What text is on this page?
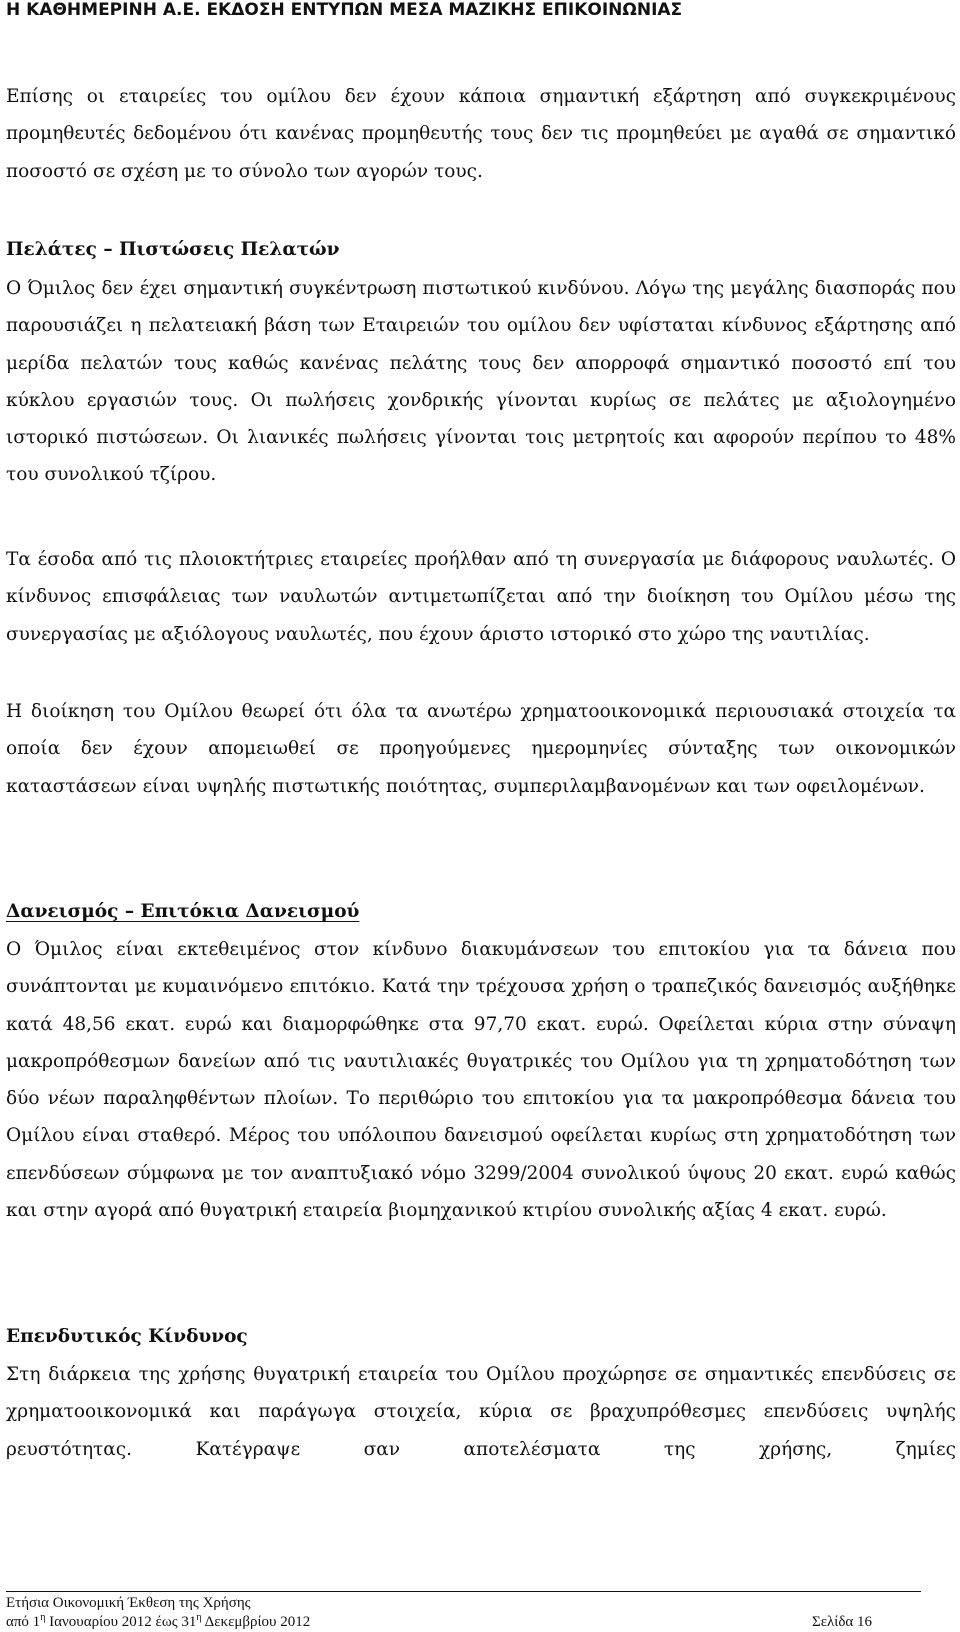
Η ΚΑΘΗΜΕΡΙΝΗ Α.Ε. ΕΚΔΟΣΗ ΕΝΤΥΠΩΝ ΜΕΣΑ ΜΑΖΙΚΗΣ ΕΠΙΚΟΙΝΩΝΙΑΣ

Επίσης οι εταιρείες του ομίλου δεν έχουν κάποια σημαντική εξάρτηση από συγκεκριμένους προμηθευτές δεδομένου ότι κανένας προμηθευτής τους δεν τις προμηθεύει με αγαθά σε σημαντικό ποσοστό σε σχέση με το σύνολο των αγορών τους.

Πελάτες – Πιστώσεις Πελατών

Ο Όμιλος δεν έχει σημαντική συγκέντρωση πιστωτικού κινδύνου. Λόγω της μεγάλης διασποράς που παρουσιάζει η πελατειακή βάση των Εταιρειών του ομίλου δεν υφίσταται κίνδυνος εξάρτησης από μερίδα πελατών τους καθώς κανένας πελάτης τους δεν απορροφά σημαντικό ποσοστό επί του κύκλου εργασιών τους. Οι πωλήσεις χονδρικής γίνονται κυρίως σε πελάτες με αξιολογημένο ιστορικό πιστώσεων. Οι λιανικές πωλήσεις γίνονται τοις μετρητοίς και αφορούν περίπου το 48% του συνολικού τζίρου.

Τα έσοδα από τις πλοιοκτήτριες εταιρείες προήλθαν από τη συνεργασία με διάφορους ναυλωτές. Ο κίνδυνος επισφάλειας των ναυλωτών αντιμετωπίζεται από την διοίκηση του Ομίλου μέσω της συνεργασίας με αξιόλογους ναυλωτές, που έχουν άριστο ιστορικό στο χώρο της ναυτιλίας.

Η διοίκηση του Ομίλου θεωρεί ότι όλα τα ανωτέρω χρηματοοικονομικά περιουσιακά στοιχεία τα οποία δεν έχουν απομειωθεί σε προηγούμενες ημερομηνίες σύνταξης των οικονομικών καταστάσεων είναι υψηλής πιστωτικής ποιότητας, συμπεριλαμβανομένων και των οφειλομένων.

Δανεισμός – Επιτόκια Δανεισμού

Ο Όμιλος είναι εκτεθειμένος στον κίνδυνο διακυμάνσεων του επιτοκίου για τα δάνεια που συνάπτονται με κυμαινόμενο επιτόκιο. Κατά την τρέχουσα χρήση ο τραπεζικός δανεισμός αυξήθηκε κατά 48,56 εκατ. ευρώ και διαμορφώθηκε στα 97,70 εκατ. ευρώ. Οφείλεται κύρια στην σύναψη μακροπρόθεσμων δανείων από τις ναυτιλιακές θυγατρικές του Ομίλου για τη χρηματοδότηση των δύο νέων παραληφθέντων πλοίων. Το περιθώριο του επιτοκίου για τα μακροπρόθεσμα δάνεια του Ομίλου είναι σταθερό. Μέρος του υπόλοιπου δανεισμού οφείλεται κυρίως στη χρηματοδότηση των επενδύσεων σύμφωνα με τον αναπτυξιακό νόμο 3299/2004 συνολικού ύψους 20 εκατ. ευρώ καθώς και στην αγορά από θυγατρική εταιρεία βιομηχανικού κτιρίου συνολικής αξίας 4 εκατ. ευρώ.

Επενδυτικός Κίνδυνος

Στη διάρκεια της χρήσης θυγατρική εταιρεία του Ομίλου προχώρησε σε σημαντικές επενδύσεις σε χρηματοοικονομικά και παράγωγα στοιχεία, κύρια σε βραχυπρόθεσμες επενδύσεις υψηλής ρευστότητας. Κατέγραψε σαν αποτελέσματα της χρήσης, ζημίες

Ετήσια Οικονομική Έκθεση της Χρήσης
από $1^\eta$ Ιανουαρίου 2012 έως $31^\eta$ Δεκεμβρίου 2012	Σελίδα 16
